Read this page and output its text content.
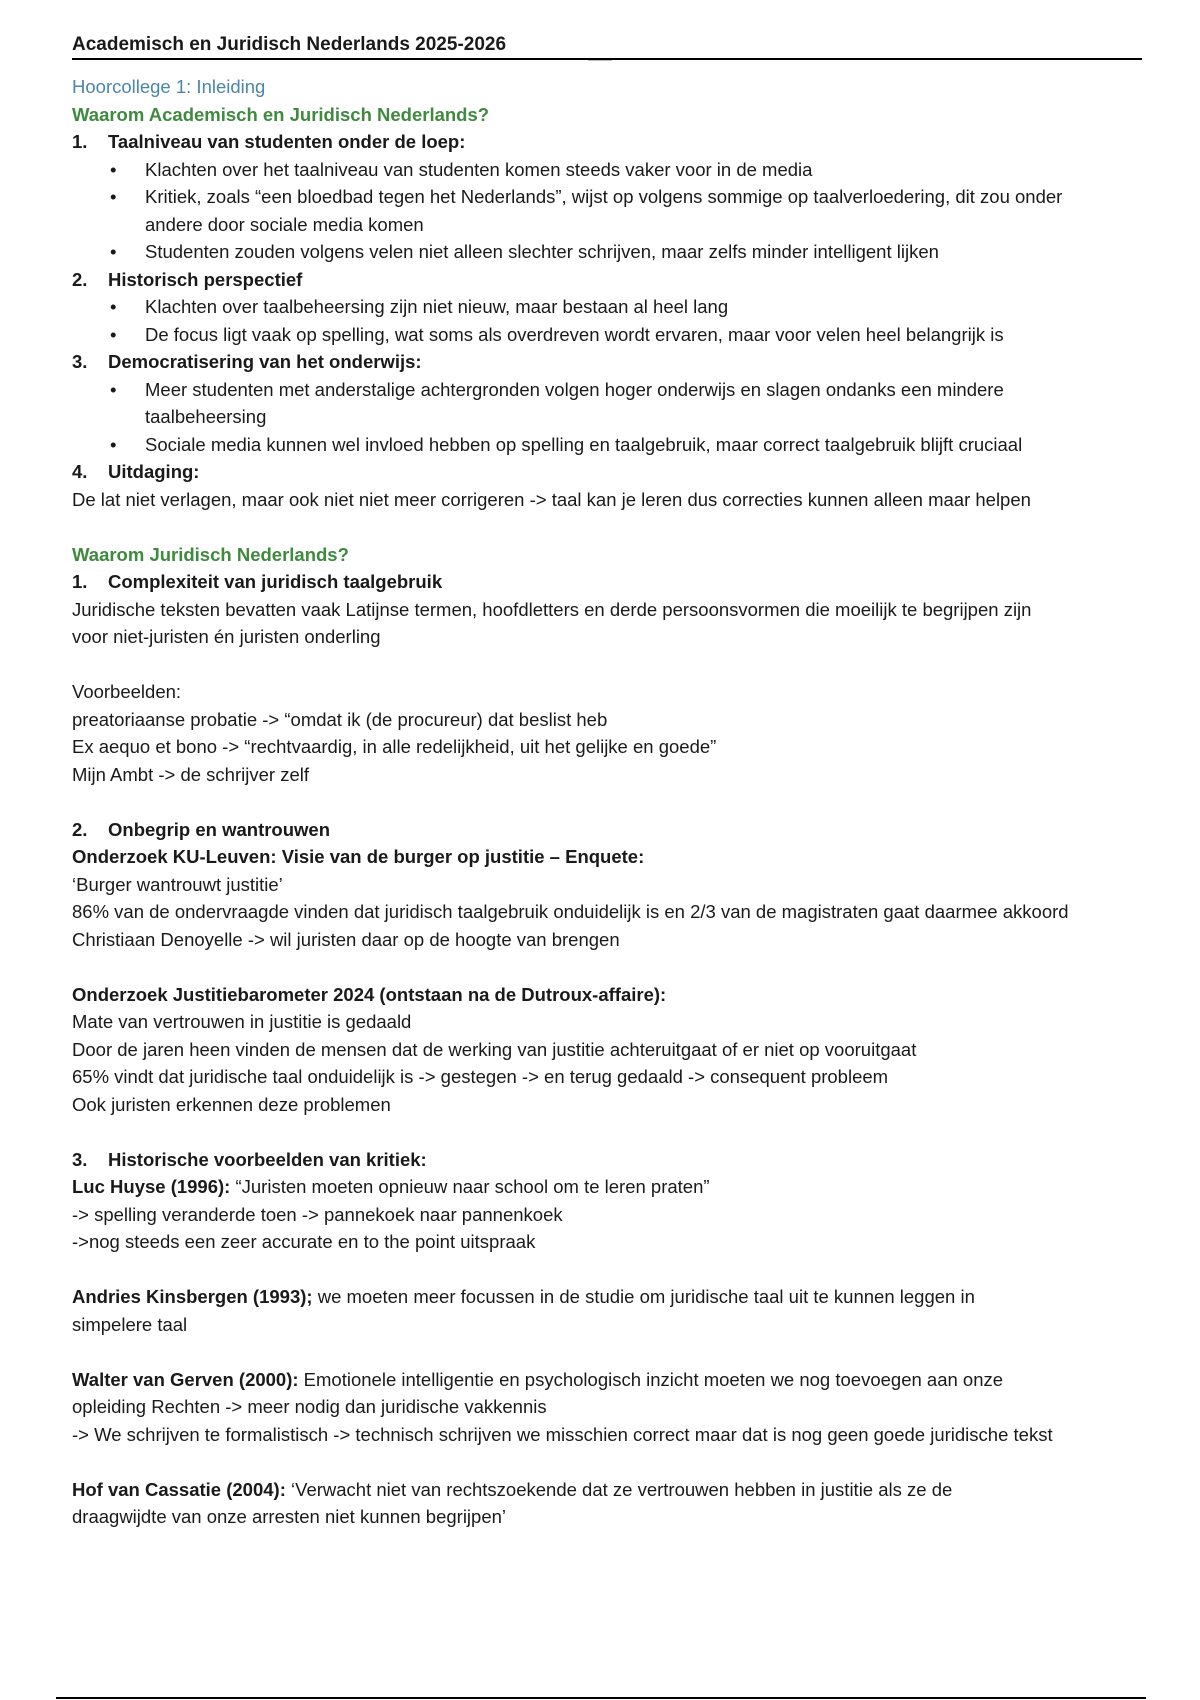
Academisch en Juridisch Nederlands 2025-2026
Hoorcollege 1: Inleiding
Waarom Academisch en Juridisch Nederlands?
1.	Taalniveau van studenten onder de loep:
• Klachten over het taalniveau van studenten komen steeds vaker voor in de media
• Kritiek, zoals “een bloedbad tegen het Nederlands”, wijst op volgens sommige op taalverloedering, dit zou onder andere door sociale media komen
• Studenten zouden volgens velen niet alleen slechter schrijven, maar zelfs minder intelligent lijken
2.	Historisch perspectief
• Klachten over taalbeheersing zijn niet nieuw, maar bestaan al heel lang
• De focus ligt vaak op spelling, wat soms als overdreven wordt ervaren, maar voor velen heel belangrijk is
3.	Democratisering van het onderwijs:
• Meer studenten met anderstalige achtergronden volgen hoger onderwijs en slagen ondanks een mindere taalbeheersing
• Sociale media kunnen wel invloed hebben op spelling en taalgebruik, maar correct taalgebruik blijft cruciaal
4.	Uitdaging:
De lat niet verlagen, maar ook niet niet meer corrigeren -> taal kan je leren dus correcties kunnen alleen maar helpen
Waarom Juridisch Nederlands?
1.	Complexiteit van juridisch taalgebruik
Juridische teksten bevatten vaak Latijnse termen, hoofdletters en derde persoonsvormen die moeilijk te begrijpen zijn voor niet-juristen én juristen onderling
Voorbeelden:
preatoriaanse probatie -> “omdat ik (de procureur) dat beslist heb
Ex aequo et bono -> “rechtvaardig, in alle redelijkheid, uit het gelijke en goede”
Mijn Ambt -> de schrijver zelf
2.	Onbegrip en wantrouwen
Onderzoek KU-Leuven: Visie van de burger op justitie – Enquete:
‘Burger wantrouwt justitie’
86% van de ondervraagde vinden dat juridisch taalgebruik onduidelijk is en 2/3 van de magistraten gaat daarmee akkoord
Christiaan Denoyelle -> wil juristen daar op de hoogte van brengen
Onderzoek Justitiebarometer 2024 (ontstaan na de Dutroux-affaire):
Mate van vertrouwen in justitie is gedaald
Door de jaren heen vinden de mensen dat de werking van justitie achteruitgaat of er niet op vooruitgaat
65% vindt dat juridische taal onduidelijk is -> gestegen -> en terug gedaald -> consequent probleem
Ook juristen erkennen deze problemen
3.	Historische voorbeelden van kritiek:
Luc Huyse (1996): “Juristen moeten opnieuw naar school om te leren praten”
-> spelling veranderde toen -> pannekoek naar pannenkoek
->nog steeds een zeer accurate en to the point uitspraak
Andries Kinsbergen (1993); we moeten meer focussen in de studie om juridische taal uit te kunnen leggen in simpelere taal
Walter van Gerven (2000): Emotionele intelligentie en psychologisch inzicht moeten we nog toevoegen aan onze opleiding Rechten -> meer nodig dan juridische vakkennis
-> We schrijven te formalistisch -> technisch schrijven we misschien correct maar dat is nog geen goede juridische tekst
Hof van Cassatie (2004): ‘Verwacht niet van rechtszoekende dat ze vertrouwen hebben in justitie als ze de draagwijdte van onze arresten niet kunnen begrijpen’
